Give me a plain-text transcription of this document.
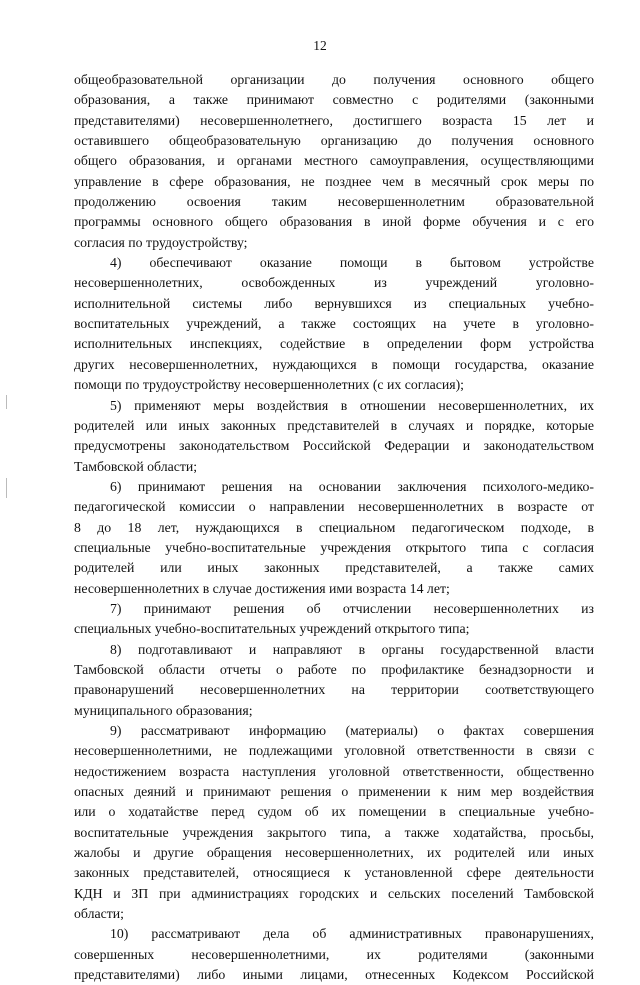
12
общеобразовательной организации до получения основного общего
образования, а также принимают совместно с родителями (законными
представителями) несовершеннолетнего, достигшего возраста 15 лет и
оставившего общеобразовательную организацию до получения основного
общего образования, и органами местного самоуправления, осуществляющими
управление в сфере образования, не позднее чем в месячный срок меры по
продолжению освоения таким несовершеннолетним образовательной
программы основного общего образования в иной форме обучения и с его
согласия по трудоустройству;
4) обеспечивают оказание помощи в бытовом устройстве
несовершеннолетних, освобожденных из учреждений уголовно-
исполнительной системы либо вернувшихся из специальных учебно-
воспитательных учреждений, а также состоящих на учете в уголовно-
исполнительных инспекциях, содействие в определении форм устройства
других несовершеннолетних, нуждающихся в помощи государства, оказание
помощи по трудоустройству несовершеннолетних (с их согласия);
5) применяют меры воздействия в отношении несовершеннолетних, их
родителей или иных законных представителей в случаях и порядке, которые
предусмотрены законодательством Российской Федерации и законодательством
Тамбовской области;
6) принимают решения на основании заключения психолого-медико-
педагогической комиссии о направлении несовершеннолетних в возрасте от
8 до 18 лет, нуждающихся в специальном педагогическом подходе, в
специальные учебно-воспитательные учреждения открытого типа с согласия
родителей или иных законных представителей, а также самих
несовершеннолетних в случае достижения ими возраста 14 лет;
7) принимают решения об отчислении несовершеннолетних из
специальных учебно-воспитательных учреждений открытого типа;
8) подготавливают и направляют в органы государственной власти
Тамбовской области отчеты о работе по профилактике безнадзорности и
правонарушений несовершеннолетних на территории соответствующего
муниципального образования;
9) рассматривают информацию (материалы) о фактах совершения
несовершеннолетними, не подлежащими уголовной ответственности в связи с
недостижением возраста наступления уголовной ответственности, общественно
опасных деяний и принимают решения о применении к ним мер воздействия
или о ходатайстве перед судом об их помещении в специальные учебно-
воспитательные учреждения закрытого типа, а также ходатайства, просьбы,
жалобы и другие обращения несовершеннолетних, их родителей или иных
законных представителей, относящиеся к установленной сфере деятельности
КДН и ЗП при администрациях городских и сельских поселений Тамбовской
области;
10) рассматривают дела об административных правонарушениях,
совершенных несовершеннолетними, их родителями (законными
представителями) либо иными лицами, отнесенных Кодексом Российской
